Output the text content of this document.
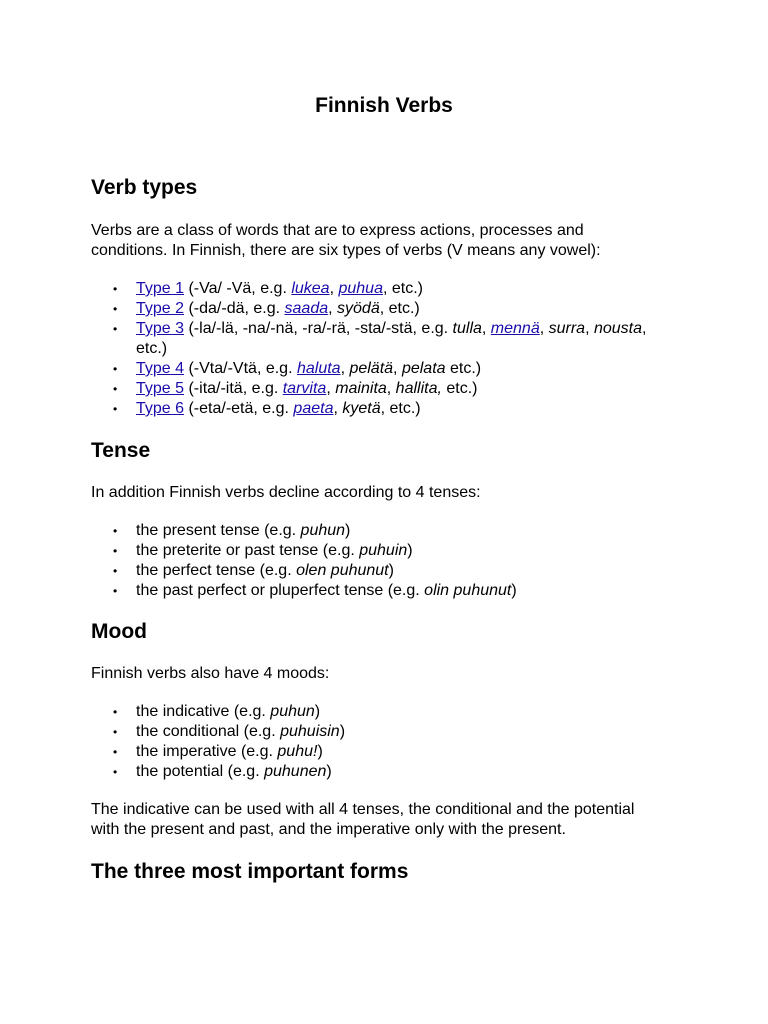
Finnish Verbs
Verb types

Verbs are a class of words that are to express actions, processes and
conditions. In Finnish, there are six types of verbs (V means any vowel):

• Type 1 (-Va/ -Vä, e.g. lukea, puhua, etc.)
• Type 2 (-da/-dä, e.g. saada, syödä, etc.)
• Type 3 (-la/-lä, -na/-nä, -ra/-rä, -sta/-stä, e.g. tulla, mennä, surra, nousta,
etc.)
• Type 4 (-Vta/-Vtä, e.g. haluta, pelätä, pelata etc.)
• Type 5 (-ita/-itä, e.g. tarvita, mainita, hallita, etc.)
• Type 6 (-eta/-etä, e.g. paeta, kyetä, etc.)
Tense

In addition Finnish verbs decline according to 4 tenses:

• the present tense (e.g. puhun)
• the preterite or past tense (e.g. puhuin)
• the perfect tense (e.g. olen puhunut)
• the past perfect or pluperfect tense (e.g. olin puhunut)
Mood

Finnish verbs also have 4 moods:

• the indicative (e.g. puhun)
• the conditional (e.g. puhuisin)
• the imperative (e.g. puhu!)
• the potential (e.g. puhunen)

The indicative can be used with all 4 tenses, the conditional and the potential
with the present and past, and the imperative only with the present.

The three most important forms
